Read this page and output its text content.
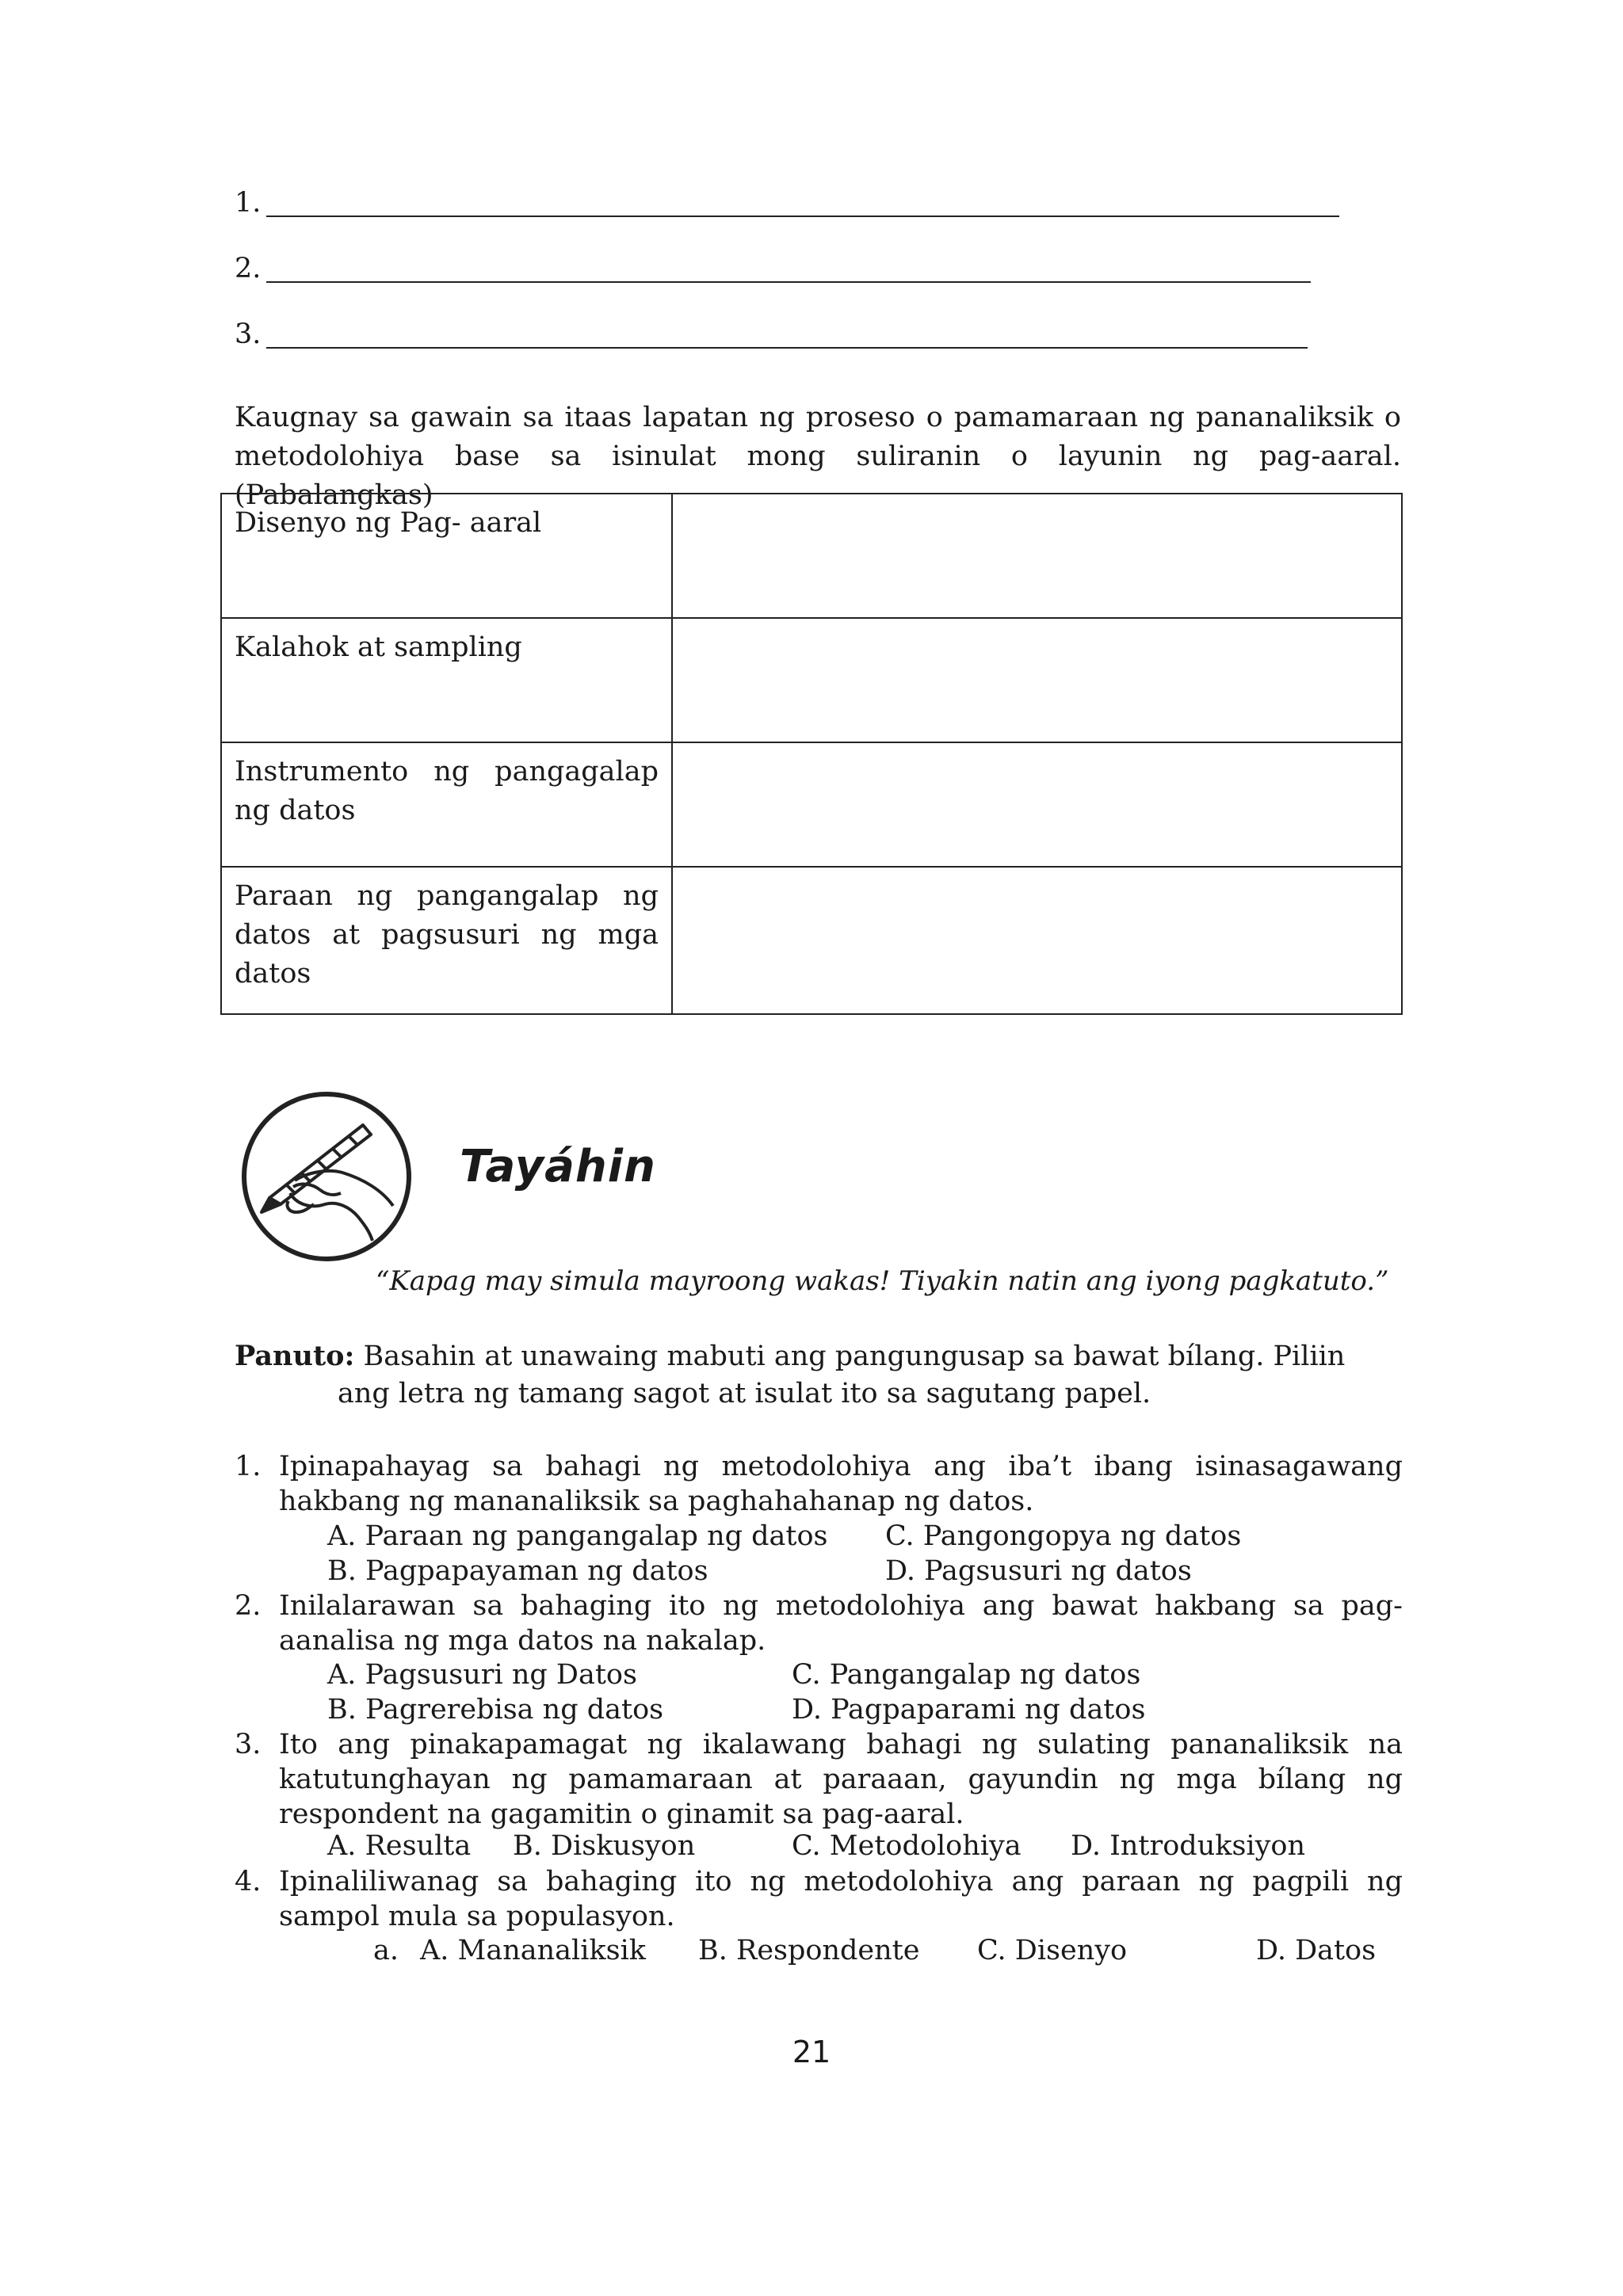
1.
2.
3.
Kaugnay sa gawain sa itaas lapatan ng proseso o pamamaraan ng pananaliksik o metodolohiya base sa isinulat mong suliranin o layunin ng pag-aaral.(Pabalangkas)
Disenyo ng Pag- aaral	
Kalahok at sampling	
Instrumento ng pangagalap ng datos	
Paraan ng pangangalap ng datos at pagsusuri ng mga datos	
Tayáhin
“Kapag may simula mayroong wakas! Tiyakin natin ang iyong pagkatuto.”
Panuto: Basahin at unawaing mabuti ang pangungusap sa bawat bílang. Piliin
ang letra ng tamang sagot at isulat ito sa sagutang papel.
1. Ipinapahayag sa bahagi ng metodolohiya ang iba’t ibang isinasagawang hakbang ng mananaliksik sa paghahahanap ng datos.
A. Paraan ng pangangalap ng datos C. Pangongopya ng datos
B. Pagpapayaman ng datos	D. Pagsusuri ng datos
2. Inilalarawan sa bahaging ito ng metodolohiya ang bawat hakbang sa pag-aanalisa ng mga datos na nakalap.
A. Pagsusuri ng Datos	C. Pangangalap ng datos
B. Pagrerebisa ng datos	D. Pagpaparami ng datos
3. Ito ang pinakapamagat ng ikalawang bahagi ng sulating pananaliksik na katutunghayan ng pamamaraan at paraaan, gayundin ng mga bílang ng respondent na gagamitin o ginamit sa pag-aaral.
A. Resulta B. Diskusyon	C. Metodolohiya D. Introduksiyon
4. Ipinaliliwanag sa bahaging ito ng metodolohiya ang paraan ng pagpili ng sampol mula sa populasyon.
a. A. Mananaliksik B. Respondente C. Disenyo	D. Datos
21
